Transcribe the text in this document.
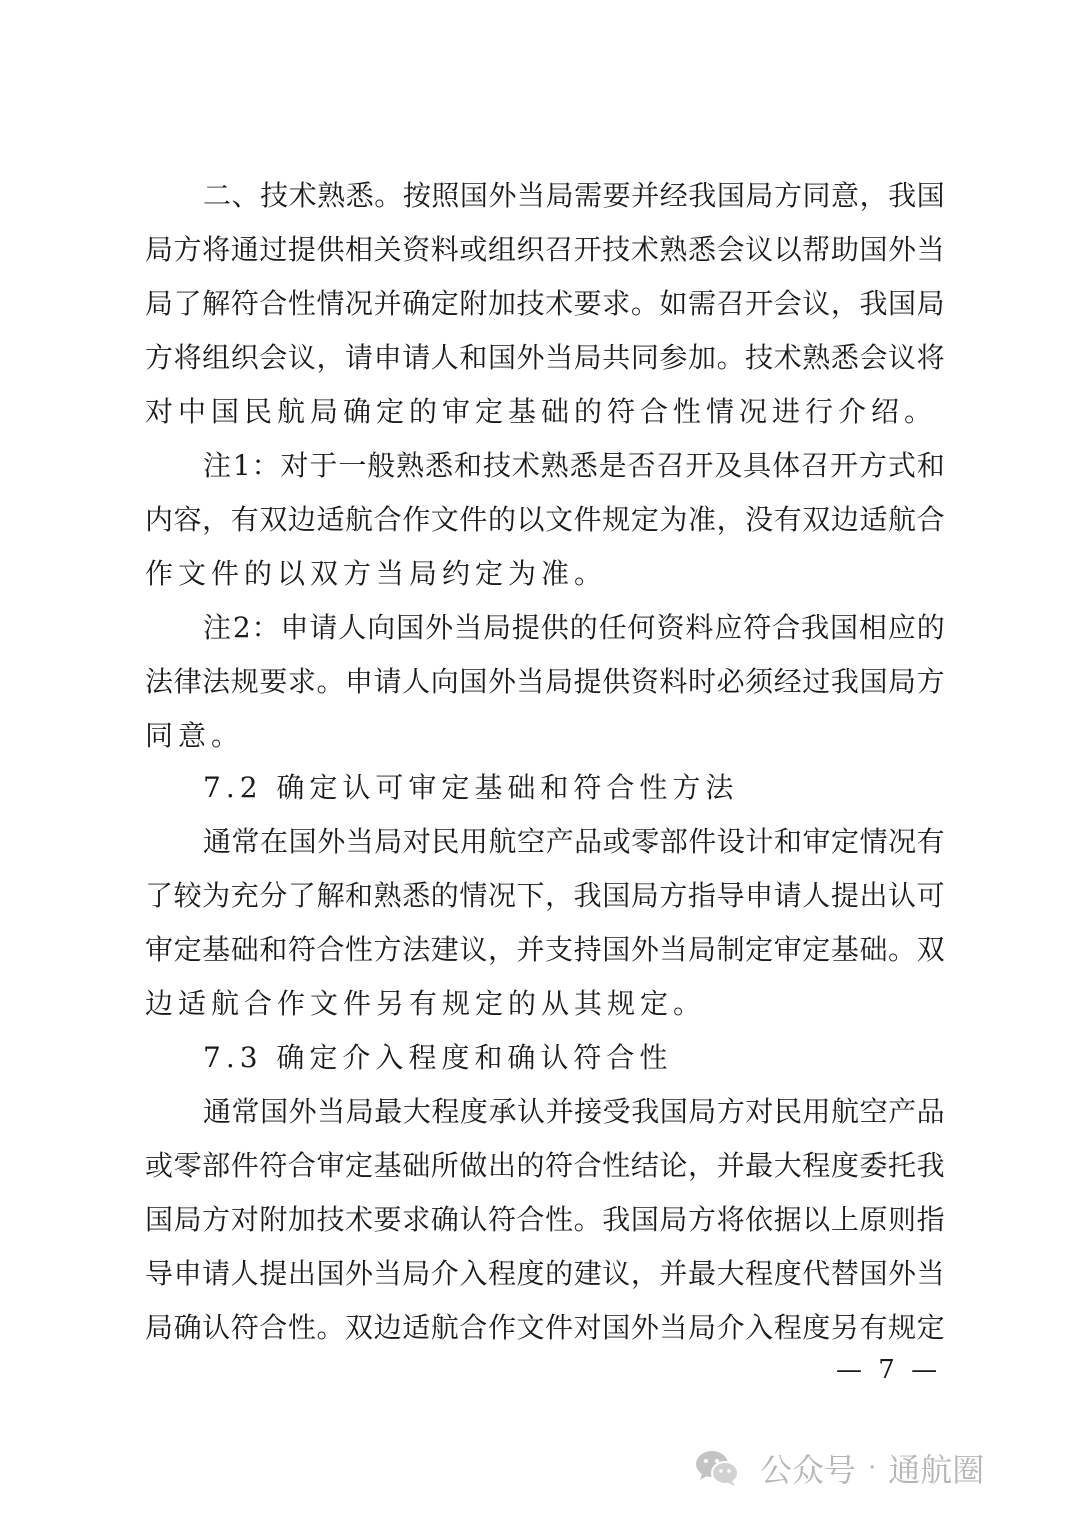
二 、 技 术 熟 悉 。 按 照 国 外 当 局 需 要 并 经 我 国 局 方 同 意 ， 我 国
局 方 将 通 过 提 供 相 关 资 料 或 组 织 召 开 技 术 熟 悉 会 议 以 帮 助 国 外 当
局 了 解 符 合 性 情 况 并 确 定 附 加 技 术 要 求 。 如 需 召 开 会 议 ， 我 国 局
方 将 组 织 会 议 ， 请 申 请 人 和 国 外 当 局 共 同 参 加 。 技 术 熟 悉 会 议 将
对中国民航局确定的审定基础的符合性情况进行介绍。
注 1 ： 对 于 一 般 熟 悉 和 技 术 熟 悉 是 否 召 开 及 具 体 召 开 方 式 和
内 容 ， 有 双 边 适 航 合 作 文 件 的 以 文 件 规 定 为 准 ， 没 有 双 边 适 航 合
作文件的以双方当局约定为准。
注 2 ： 申 请 人 向 国 外 当 局 提 供 的 任 何 资 料 应 符 合 我 国 相 应 的
法 律 法 规 要 求 。 申 请 人 向 国 外 当 局 提 供 资 料 时 必 须 经 过 我 国 局 方
同意。
7.2 确定认可审定基础和符合性方法
通 常 在 国 外 当 局 对 民 用 航 空 产 品 或 零 部 件 设 计 和 审 定 情 况 有
了 较 为 充 分 了 解 和 熟 悉 的 情 况 下 ， 我 国 局 方 指 导 申 请 人 提 出 认 可
审 定 基 础 和 符 合 性 方 法 建 议 ， 并 支 持 国 外 当 局 制 定 审 定 基 础 。 双
边适航合作文件另有规定的从其规定。
7.3 确定介入程度和确认符合性
通 常 国 外 当 局 最 大 程 度 承 认 并 接 受 我 国 局 方 对 民 用 航 空 产 品
或 零 部 件 符 合 审 定 基 础 所 做 出 的 符 合 性 结 论 ， 并 最 大 程 度 委 托 我
国 局 方 对 附 加 技 术 要 求 确 认 符 合 性 。 我 国 局 方 将 依 据 以 上 原 则 指
导 申 请 人 提 出 国 外 当 局 介 入 程 度 的 建 议 ， 并 最 大 程 度 代 替 国 外 当
局 确 认 符 合 性 。 双 边 适 航 合 作 文 件 对 国 外 当 局 介 入 程 度 另 有 规 定
— 7 —
公众号 · 通航圈
